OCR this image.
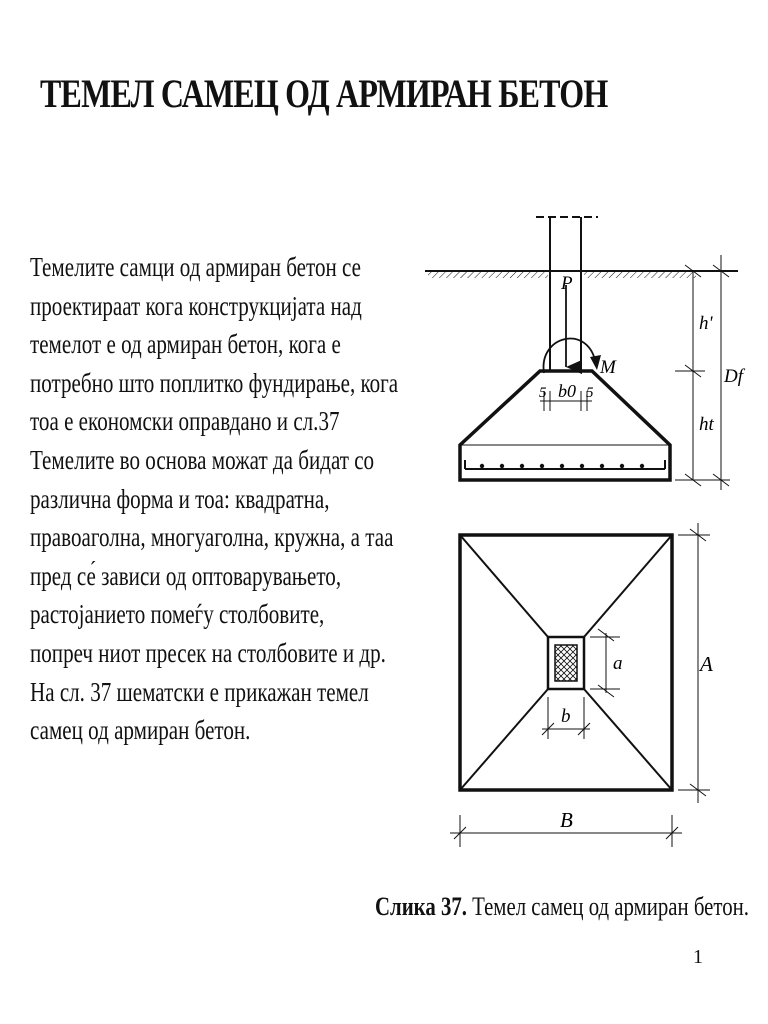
ТЕМЕЛ САМЕЦ ОД АРМИРАН БЕТОН
Темелите самци од армиран бетон се
проектираат кога конструкцијата над
темелот е од армиран бетон, кога е
потребно што поплитко фундирање, кога
тоа е економски оправдано и сл.37
Темелите во основа можат да бидат со
различна форма и тоа: квадратна,
правоаголна, многуаголна, кружна, а таа
пред се́ зависи од оптоварувањето,
растојанието помеѓу столбовите,
попреч ниот пресек на столбовите и др.
На сл. 37 шематски е прикажан темел
самец од армиран бетон.
P
M
5 b0 5
h'
Df
ht
a
b
A
B
Слика 37. Темел самец од армиран бетон.
1
